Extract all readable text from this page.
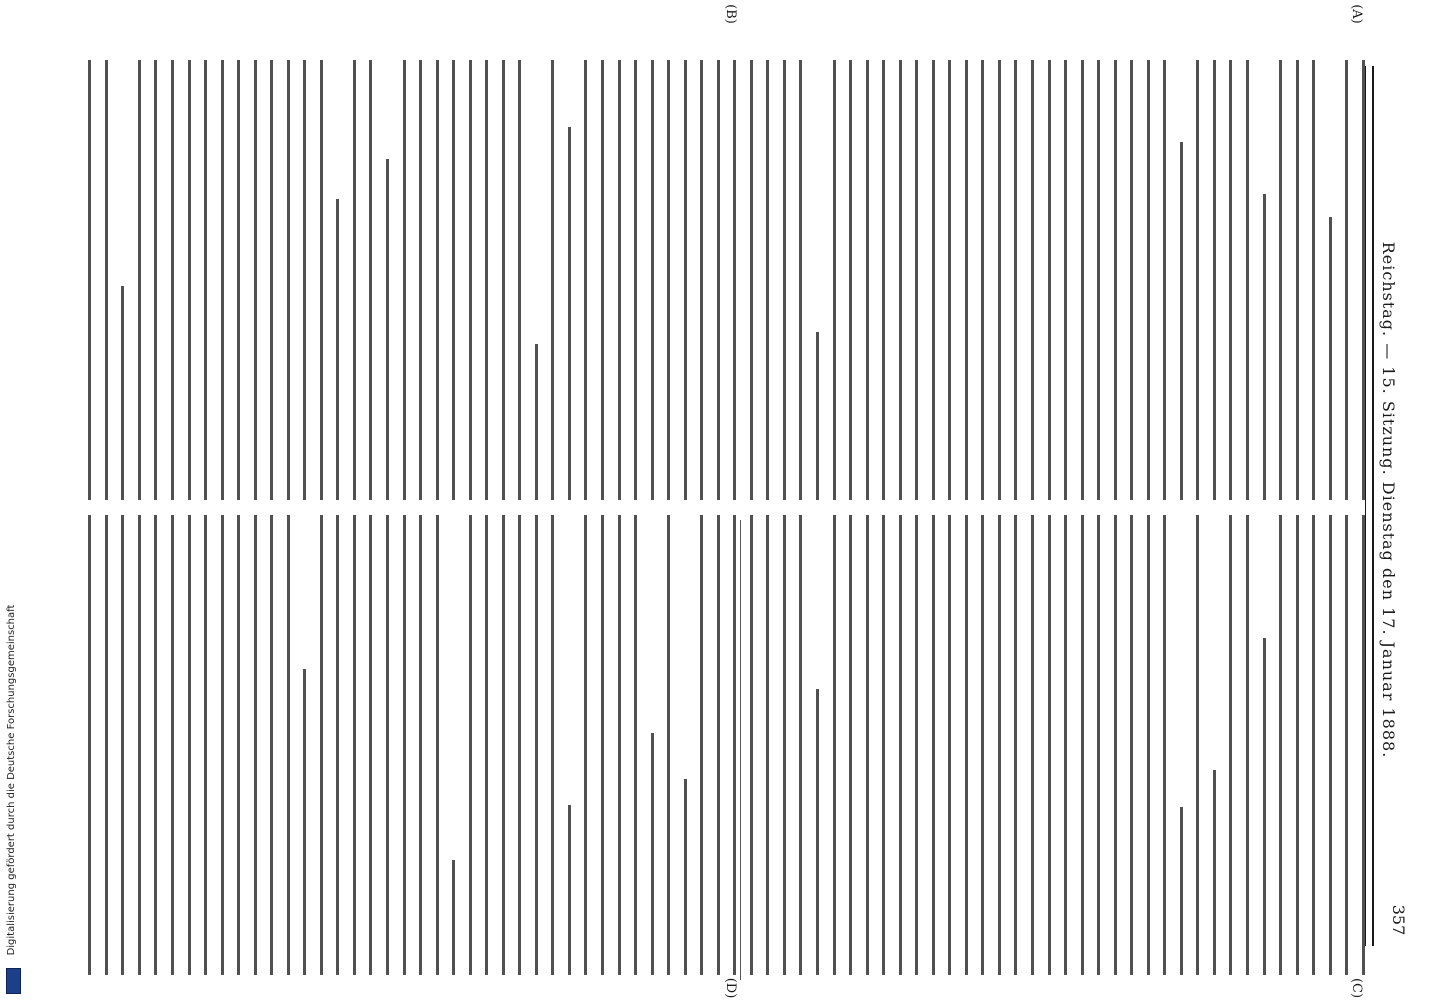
Reichstag. — 15. Sitzung. Dienstag den 17. Januar 1888.
357
(A)
(B)
(C)
(D)
Digitalisierung gefördert durch die Deutsche Forschungsgemeinschaft
